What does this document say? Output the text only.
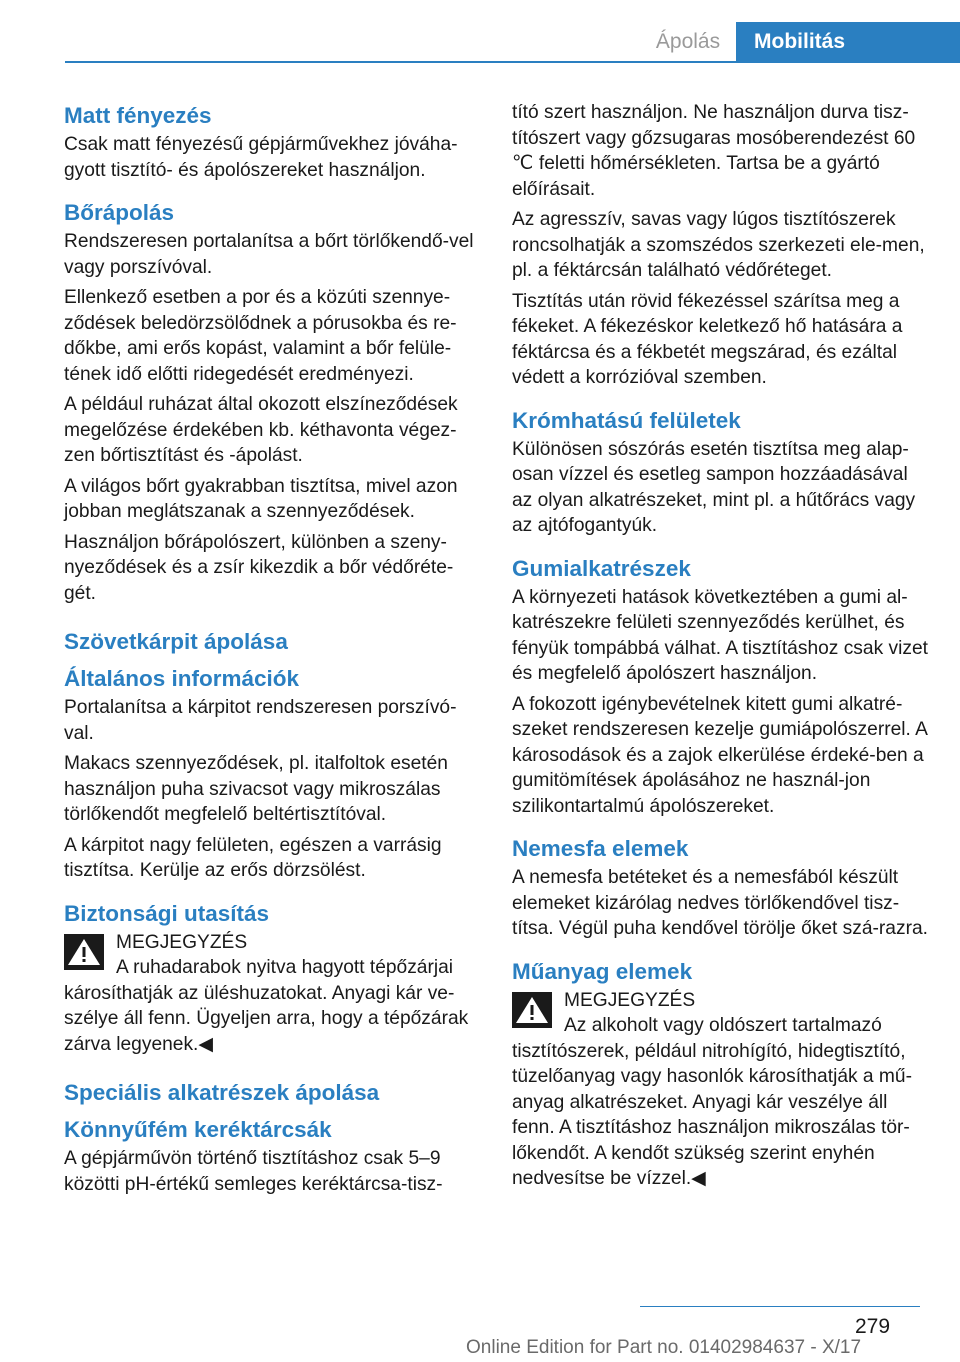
Ápolás	Mobilitás
Matt fényezés

Csak matt fényezésű gépjárművekhez jóváha-gyott tisztító- és ápolószereket használjon.

Bőrápolás

Rendszeresen portalanítsa a bőrt törlőkendő-vel vagy porszívóval.

Ellenkező esetben a por és a közúti szennye-ződések beledörzsölődnek a pórusokba és re-dőkbe, ami erős kopást, valamint a bőr felüle-tének idő előtti ridegedését eredményezi.

A például ruházat által okozott elszíneződések megelőzése érdekében kb. kéthavonta végez-zen bőrtisztítást és -ápolást.

A világos bőrt gyakrabban tisztítsa, mivel azon jobban meglátszanak a szennyeződések.

Használjon bőrápolószert, különben a szeny-nyeződések és a zsír kikezdik a bőr védőréte-gét.

Szövetkárpit ápolása
Általános információk

Portalanítsa a kárpitot rendszeresen porszívó-val.

Makacs szennyeződések, pl. italfoltok esetén használjon puha szivacsot vagy mikroszálas törlőkendőt megfelelő beltértisztítóval.

A kárpitot nagy felületen, egészen a varrásig tisztítsa. Kerülje az erős dörzsölést.

Biztonsági utasítás

MEGJEGYZÉS

A ruhadarabok nyitva hagyott tépőzárjai

károsíthatják az üléshuzatokat. Anyagi kár ve-szélye áll fenn. Ügyeljen arra, hogy a tépőzárak zárva legyenek.◀

Speciális alkatrészek ápolása
Könnyűfém keréktárcsák

A gépjárművön történő tisztításhoz csak 5–9 közötti pH-értékű semleges keréktárcsa-tisz-

tító szert használjon. Ne használjon durva tisz-títószert vagy gőzsugaras mosóberendezést 60 ℃ feletti hőmérsékleten. Tartsa be a gyártó előírásait.

Az agresszív, savas vagy lúgos tisztítószerek roncsolhatják a szomszédos szerkezeti ele-men, pl. a féktárcsán található védőréteget.

Tisztítás után rövid fékezéssel szárítsa meg a fékeket. A fékezéskor keletkező hő hatására a féktárcsa és a fékbetét megszárad, és ezáltal védett a korrózióval szemben.

Krómhatású felületek

Különösen sószórás esetén tisztítsa meg alap-osan vízzel és esetleg sampon hozzáadásával az olyan alkatrészeket, mint pl. a hűtőrács vagy az ajtófogantyúk.

Gumialkatrészek

A környezeti hatások következtében a gumi al-katrészekre felületi szennyeződés kerülhet, és fényük tompábbá válhat. A tisztításhoz csak vizet és megfelelő ápolószert használjon.

A fokozott igénybevételnek kitett gumi alkatré-szeket rendszeresen kezelje gumiápolószerrel. A károsodások és a zajok elkerülése érdeké-ben a gumitömítések ápolásához ne használ-jon szilikontartalmú ápolószereket.

Nemesfa elemek

A nemesfa betéteket és a nemesfából készült elemeket kizárólag nedves törlőkendővel tisz-títsa. Végül puha kendővel törölje őket szá-razra.

Műanyag elemek

MEGJEGYZÉS

Az alkoholt vagy oldószert tartalmazó

tisztítószerek, például nitrohígító, hidegtisztító, tüzelőanyag vagy hasonlók károsíthatják a mű-anyag alkatrészeket. Anyagi kár veszélye áll fenn. A tisztításhoz használjon mikroszálas tör-lőkendőt. A kendőt szükség szerint enyhén nedvesítse be vízzel.◀

279
Online Edition for Part no. 01402984637 - X/17
